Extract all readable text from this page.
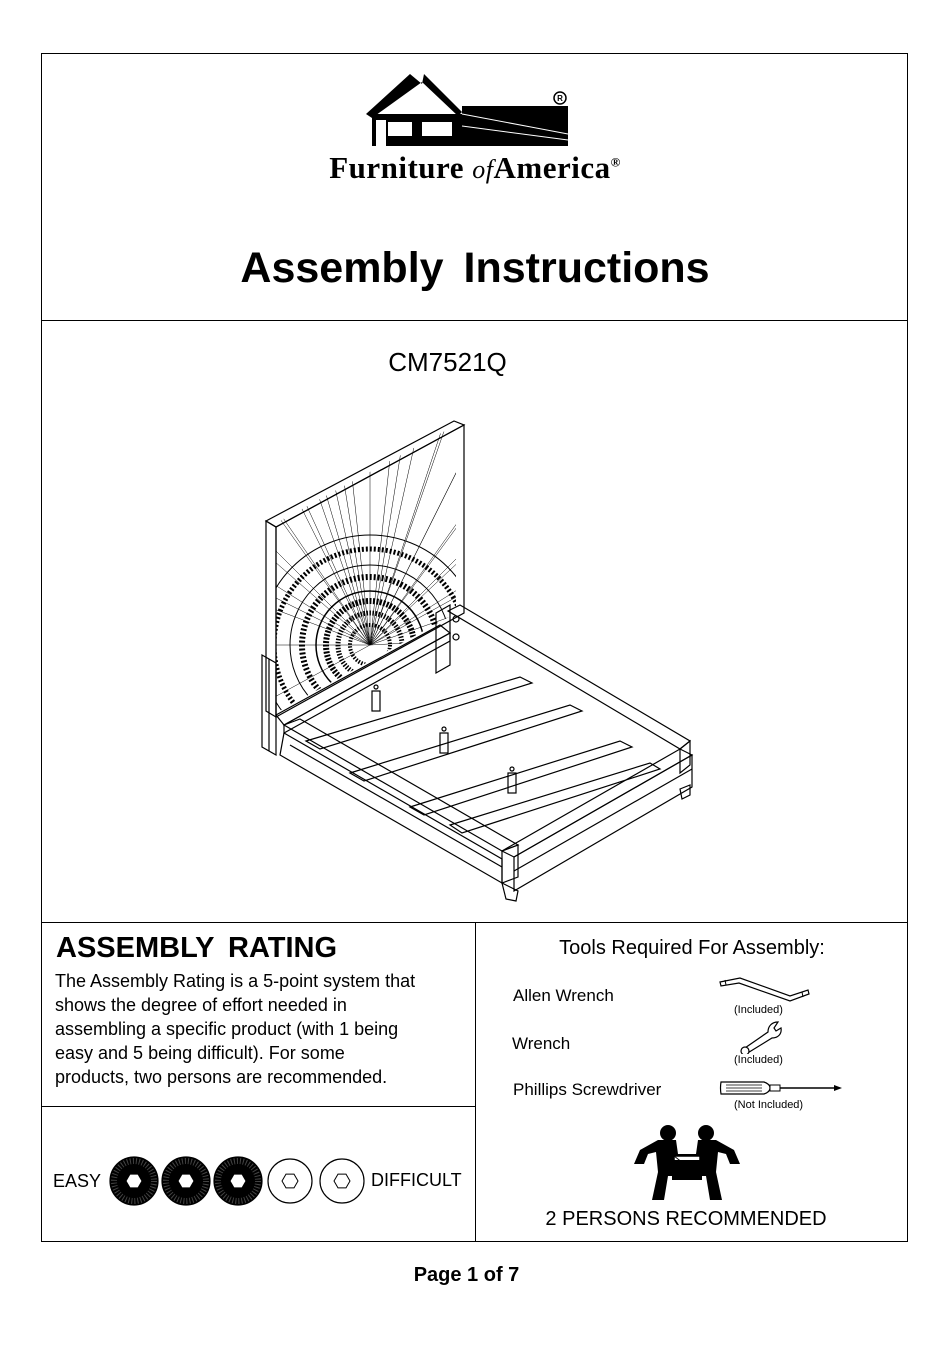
R
Furniture ofAmerica®
Assembly Instructions
CM7521Q
ASSEMBLY RATING
The Assembly Rating is a 5-point system that
shows the degree of effort needed in
assembling a specific product (with 1 being
easy and 5 being difficult). For some
products, two persons are recommended.
EASY	DIFFICULT
Tools Required For Assembly:
Allen Wrench
(Included)
Wrench
(Included)
Phillips Screwdriver
(Not Included)
2 PERSONS RECOMMENDED
Page 1 of 7
